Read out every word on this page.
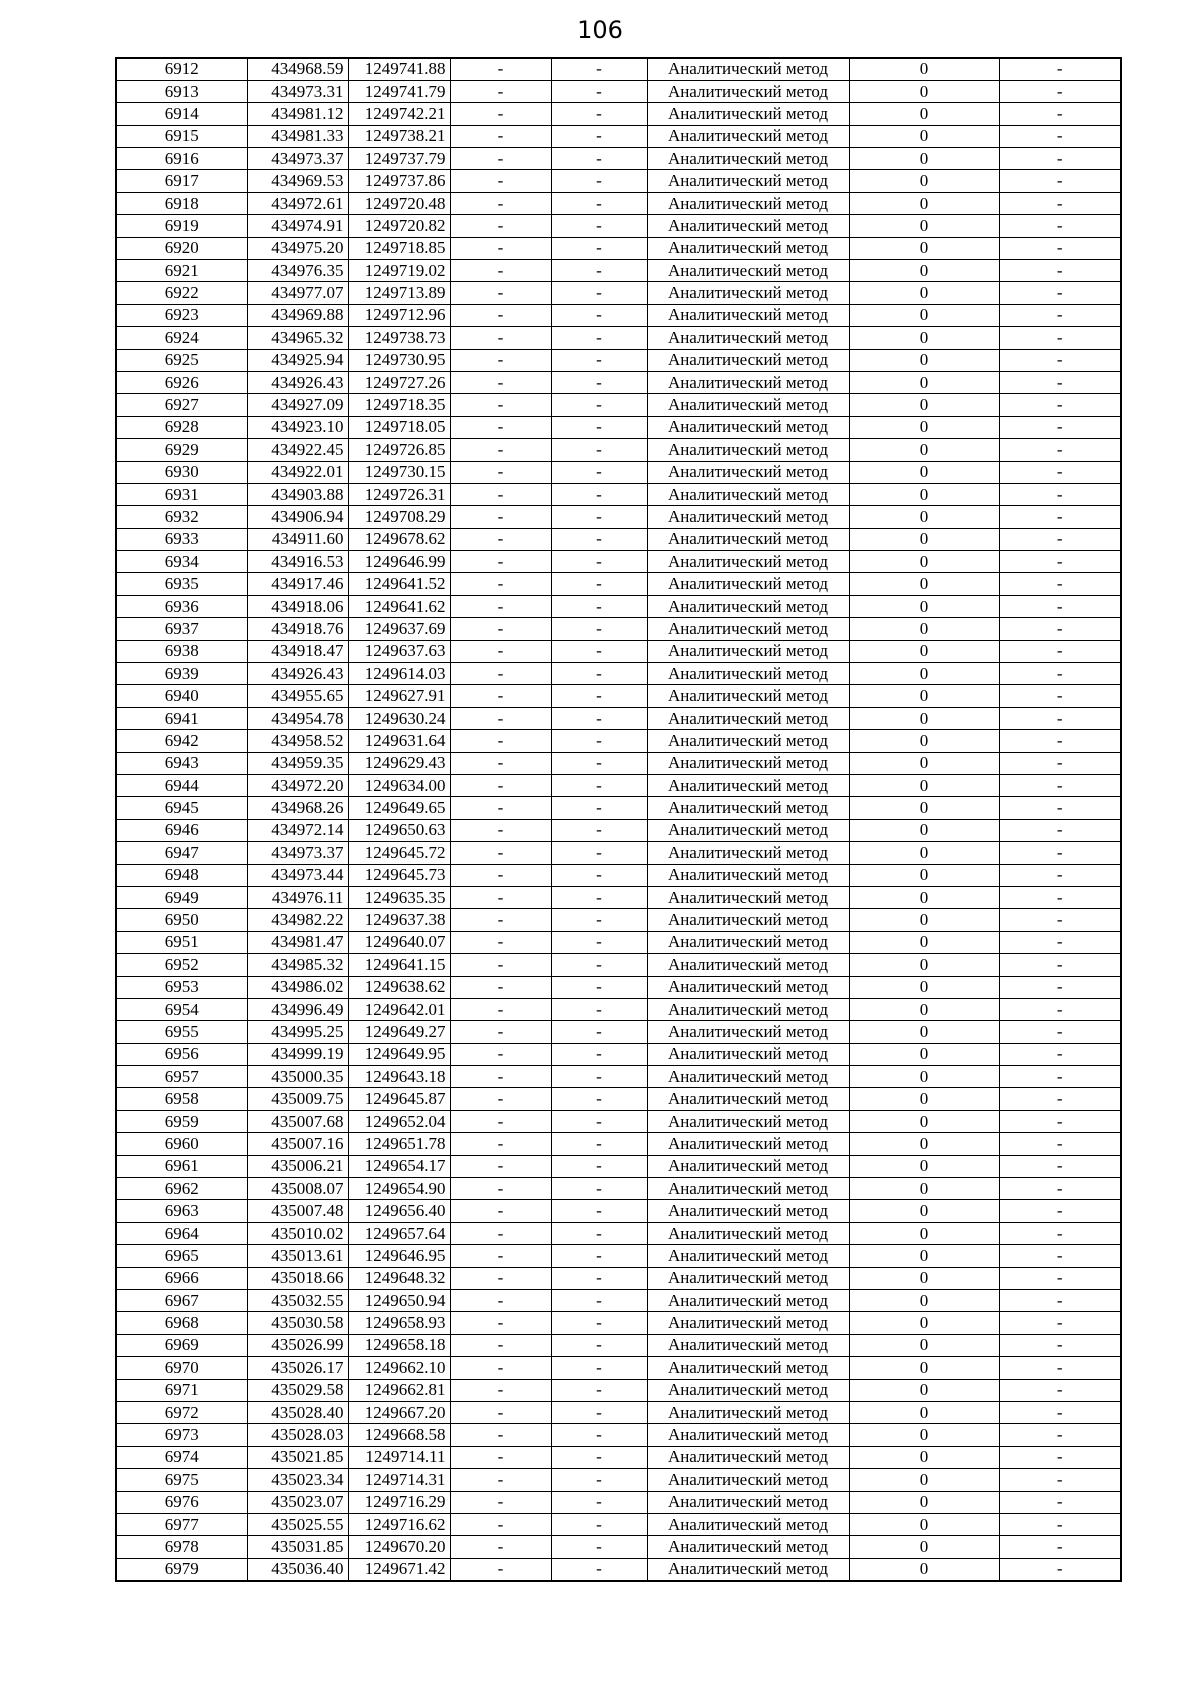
106
6912	434968.59	1249741.88	-	-	Аналитический метод	0	-
6913	434973.31	1249741.79	-	-	Аналитический метод	0	-
6914	434981.12	1249742.21	-	-	Аналитический метод	0	-
6915	434981.33	1249738.21	-	-	Аналитический метод	0	-
6916	434973.37	1249737.79	-	-	Аналитический метод	0	-
6917	434969.53	1249737.86	-	-	Аналитический метод	0	-
6918	434972.61	1249720.48	-	-	Аналитический метод	0	-
6919	434974.91	1249720.82	-	-	Аналитический метод	0	-
6920	434975.20	1249718.85	-	-	Аналитический метод	0	-
6921	434976.35	1249719.02	-	-	Аналитический метод	0	-
6922	434977.07	1249713.89	-	-	Аналитический метод	0	-
6923	434969.88	1249712.96	-	-	Аналитический метод	0	-
6924	434965.32	1249738.73	-	-	Аналитический метод	0	-
6925	434925.94	1249730.95	-	-	Аналитический метод	0	-
6926	434926.43	1249727.26	-	-	Аналитический метод	0	-
6927	434927.09	1249718.35	-	-	Аналитический метод	0	-
6928	434923.10	1249718.05	-	-	Аналитический метод	0	-
6929	434922.45	1249726.85	-	-	Аналитический метод	0	-
6930	434922.01	1249730.15	-	-	Аналитический метод	0	-
6931	434903.88	1249726.31	-	-	Аналитический метод	0	-
6932	434906.94	1249708.29	-	-	Аналитический метод	0	-
6933	434911.60	1249678.62	-	-	Аналитический метод	0	-
6934	434916.53	1249646.99	-	-	Аналитический метод	0	-
6935	434917.46	1249641.52	-	-	Аналитический метод	0	-
6936	434918.06	1249641.62	-	-	Аналитический метод	0	-
6937	434918.76	1249637.69	-	-	Аналитический метод	0	-
6938	434918.47	1249637.63	-	-	Аналитический метод	0	-
6939	434926.43	1249614.03	-	-	Аналитический метод	0	-
6940	434955.65	1249627.91	-	-	Аналитический метод	0	-
6941	434954.78	1249630.24	-	-	Аналитический метод	0	-
6942	434958.52	1249631.64	-	-	Аналитический метод	0	-
6943	434959.35	1249629.43	-	-	Аналитический метод	0	-
6944	434972.20	1249634.00	-	-	Аналитический метод	0	-
6945	434968.26	1249649.65	-	-	Аналитический метод	0	-
6946	434972.14	1249650.63	-	-	Аналитический метод	0	-
6947	434973.37	1249645.72	-	-	Аналитический метод	0	-
6948	434973.44	1249645.73	-	-	Аналитический метод	0	-
6949	434976.11	1249635.35	-	-	Аналитический метод	0	-
6950	434982.22	1249637.38	-	-	Аналитический метод	0	-
6951	434981.47	1249640.07	-	-	Аналитический метод	0	-
6952	434985.32	1249641.15	-	-	Аналитический метод	0	-
6953	434986.02	1249638.62	-	-	Аналитический метод	0	-
6954	434996.49	1249642.01	-	-	Аналитический метод	0	-
6955	434995.25	1249649.27	-	-	Аналитический метод	0	-
6956	434999.19	1249649.95	-	-	Аналитический метод	0	-
6957	435000.35	1249643.18	-	-	Аналитический метод	0	-
6958	435009.75	1249645.87	-	-	Аналитический метод	0	-
6959	435007.68	1249652.04	-	-	Аналитический метод	0	-
6960	435007.16	1249651.78	-	-	Аналитический метод	0	-
6961	435006.21	1249654.17	-	-	Аналитический метод	0	-
6962	435008.07	1249654.90	-	-	Аналитический метод	0	-
6963	435007.48	1249656.40	-	-	Аналитический метод	0	-
6964	435010.02	1249657.64	-	-	Аналитический метод	0	-
6965	435013.61	1249646.95	-	-	Аналитический метод	0	-
6966	435018.66	1249648.32	-	-	Аналитический метод	0	-
6967	435032.55	1249650.94	-	-	Аналитический метод	0	-
6968	435030.58	1249658.93	-	-	Аналитический метод	0	-
6969	435026.99	1249658.18	-	-	Аналитический метод	0	-
6970	435026.17	1249662.10	-	-	Аналитический метод	0	-
6971	435029.58	1249662.81	-	-	Аналитический метод	0	-
6972	435028.40	1249667.20	-	-	Аналитический метод	0	-
6973	435028.03	1249668.58	-	-	Аналитический метод	0	-
6974	435021.85	1249714.11	-	-	Аналитический метод	0	-
6975	435023.34	1249714.31	-	-	Аналитический метод	0	-
6976	435023.07	1249716.29	-	-	Аналитический метод	0	-
6977	435025.55	1249716.62	-	-	Аналитический метод	0	-
6978	435031.85	1249670.20	-	-	Аналитический метод	0	-
6979	435036.40	1249671.42	-	-	Аналитический метод	0	-
